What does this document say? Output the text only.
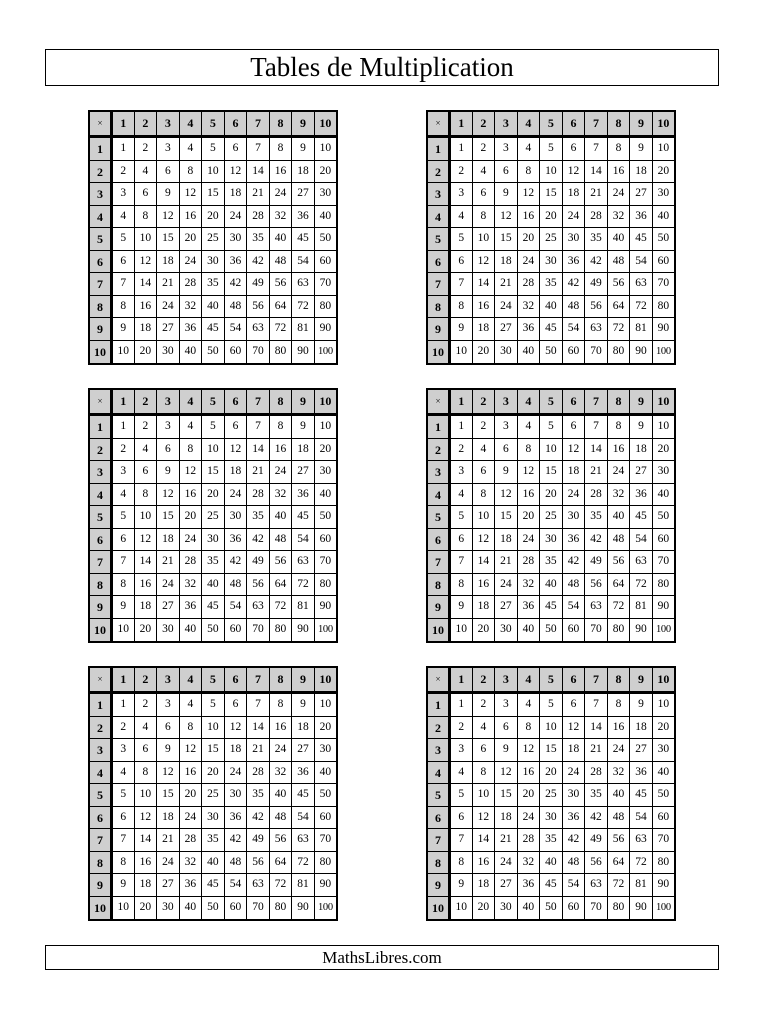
Tables de Multiplication
×	1	2	3	4	5	6	7	8	9	10
1	1	2	3	4	5	6	7	8	9	10
2	2	4	6	8	10	12	14	16	18	20
3	3	6	9	12	15	18	21	24	27	30
4	4	8	12	16	20	24	28	32	36	40
5	5	10	15	20	25	30	35	40	45	50
6	6	12	18	24	30	36	42	48	54	60
7	7	14	21	28	35	42	49	56	63	70
8	8	16	24	32	40	48	56	64	72	80
9	9	18	27	36	45	54	63	72	81	90
10	10	20	30	40	50	60	70	80	90	100
×	1	2	3	4	5	6	7	8	9	10
1	1	2	3	4	5	6	7	8	9	10
2	2	4	6	8	10	12	14	16	18	20
3	3	6	9	12	15	18	21	24	27	30
4	4	8	12	16	20	24	28	32	36	40
5	5	10	15	20	25	30	35	40	45	50
6	6	12	18	24	30	36	42	48	54	60
7	7	14	21	28	35	42	49	56	63	70
8	8	16	24	32	40	48	56	64	72	80
9	9	18	27	36	45	54	63	72	81	90
10	10	20	30	40	50	60	70	80	90	100
×	1	2	3	4	5	6	7	8	9	10
1	1	2	3	4	5	6	7	8	9	10
2	2	4	6	8	10	12	14	16	18	20
3	3	6	9	12	15	18	21	24	27	30
4	4	8	12	16	20	24	28	32	36	40
5	5	10	15	20	25	30	35	40	45	50
6	6	12	18	24	30	36	42	48	54	60
7	7	14	21	28	35	42	49	56	63	70
8	8	16	24	32	40	48	56	64	72	80
9	9	18	27	36	45	54	63	72	81	90
10	10	20	30	40	50	60	70	80	90	100
×	1	2	3	4	5	6	7	8	9	10
1	1	2	3	4	5	6	7	8	9	10
2	2	4	6	8	10	12	14	16	18	20
3	3	6	9	12	15	18	21	24	27	30
4	4	8	12	16	20	24	28	32	36	40
5	5	10	15	20	25	30	35	40	45	50
6	6	12	18	24	30	36	42	48	54	60
7	7	14	21	28	35	42	49	56	63	70
8	8	16	24	32	40	48	56	64	72	80
9	9	18	27	36	45	54	63	72	81	90
10	10	20	30	40	50	60	70	80	90	100
×	1	2	3	4	5	6	7	8	9	10
1	1	2	3	4	5	6	7	8	9	10
2	2	4	6	8	10	12	14	16	18	20
3	3	6	9	12	15	18	21	24	27	30
4	4	8	12	16	20	24	28	32	36	40
5	5	10	15	20	25	30	35	40	45	50
6	6	12	18	24	30	36	42	48	54	60
7	7	14	21	28	35	42	49	56	63	70
8	8	16	24	32	40	48	56	64	72	80
9	9	18	27	36	45	54	63	72	81	90
10	10	20	30	40	50	60	70	80	90	100
×	1	2	3	4	5	6	7	8	9	10
1	1	2	3	4	5	6	7	8	9	10
2	2	4	6	8	10	12	14	16	18	20
3	3	6	9	12	15	18	21	24	27	30
4	4	8	12	16	20	24	28	32	36	40
5	5	10	15	20	25	30	35	40	45	50
6	6	12	18	24	30	36	42	48	54	60
7	7	14	21	28	35	42	49	56	63	70
8	8	16	24	32	40	48	56	64	72	80
9	9	18	27	36	45	54	63	72	81	90
10	10	20	30	40	50	60	70	80	90	100
MathsLibres.com
